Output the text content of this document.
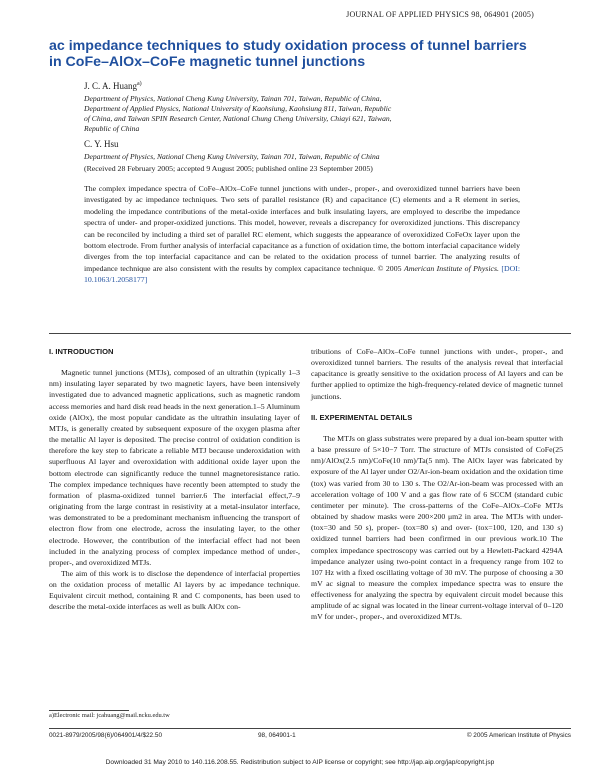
JOURNAL OF APPLIED PHYSICS 98, 064901 (2005)
ac impedance techniques to study oxidation process of tunnel barriers
in CoFe–AlOx–CoFe magnetic tunnel junctions
J. C. A. Huang$^{a)}$
Department of Physics, National Cheng Kung University, Tainan 701, Taiwan, Republic of China,
Department of Applied Physics, National University of Kaohsiung, Kaohsiung 811, Taiwan, Republic
of China, and Taiwan SPIN Research Center, National Chung Cheng University, Chiayi 621, Taiwan,
Republic of China
C. Y. Hsu
Department of Physics, National Cheng Kung University, Tainan 701, Taiwan, Republic of China
(Received 28 February 2005; accepted 9 August 2005; published online 23 September 2005)
The complex impedance spectra of CoFe–AlOx–CoFe tunnel junctions with under-, proper-, and overoxidized tunnel barriers have been investigated by ac impedance techniques. Two sets of parallel resistance (R) and capacitance (C) elements and a R element in series, modeling the impedance contributions of the metal-oxide interfaces and bulk insulating layers, are employed to describe the impedance spectra of under- and proper-oxidized junctions. This model, however, reveals a discrepancy for overoxidized junctions. This discrepancy can be reconciled by including a third set of parallel RC element, which suggests the appearance of overoxidized CoFeOx layer upon the bottom electrode. From further analysis of interfacial capacitance as a function of oxidation time, the bottom interfacial capacitance widely diverges from the top interfacial capacitance and can be related to the oxidation process of tunnel barrier. The analyzing results of impedance technique are also consistent with the results by complex capacitance technique. © 2005 American Institute of Physics. [DOI: 10.1063/1.2058177]
I. INTRODUCTION

Magnetic tunnel junctions (MTJs), composed of an ultrathin (typically 1–3 nm) insulating layer separated by two magnetic layers, have been intensively investigated due to advanced magnetic applications, such as magnetic random access memories and hard disk read heads in the next generation.1–5 Aluminum oxide (AlOx), the most popular candidate as the ultrathin insulating layer of MTJs, is generally created by subsequent exposure of the oxygen plasma after the metallic Al layer is deposited. The precise control of oxidation condition is therefore the key step to fabricate a reliable MTJ because underoxidation with superfluous Al layer and overoxidation with additional oxide layer upon the bottom electrode can significantly reduce the tunnel magnetoresistance ratio. The complex impedance techniques have recently been attempted to study the formation of plasma-oxidized tunnel barrier.6 The interfacial effect,7–9 originating from the large contrast in resistivity at a metal-insulator interface, was demonstrated to be a predominant mechanism influencing the transport of electron flow from one electrode, across the insulating layer, to the other electrode. However, the contribution of the interfacial effect had not been included in the analyzing process of complex impedance method of under-, proper-, and overoxidized MTJs.

The aim of this work is to disclose the dependence of interfacial properties on the oxidation process of metallic Al layers by ac impedance technique. Equivalent circuit method, containing R and C components, has been used to describe the metal-oxide interfaces as well as bulk AlOx con-

a)Electronic mail: jcahuang@mail.ncku.edu.tw

tributions of CoFe–AlOx–CoFe tunnel junctions with under-, proper-, and overoxidized tunnel barriers. The results of the analysis reveal that interfacial capacitance is greatly sensitive to the oxidation process of Al layers and can be further applied to optimize the high-frequency-related device of magnetic tunnel junctions.

II. EXPERIMENTAL DETAILS

The MTJs on glass substrates were prepared by a dual ion-beam sputter with a base pressure of 5×10−7 Torr. The structure of MTJs consisted of CoFe(25 nm)/AlOx(2.5 nm)/CoFe(10 nm)/Ta(5 nm). The AlOx layer was fabricated by exposure of the Al layer under O2/Ar-ion-beam oxidation and the oxidation time (tox) was varied from 30 to 130 s. The O2/Ar-ion-beam was processed with an acceleration voltage of 100 V and a gas flow rate of 6 SCCM (standard cubic centimeter per minute). The cross-patterns of the CoFe–AlOx–CoFe MTJs obtained by shadow masks were 200×200 μm2 in area. The MTJs with under-(tox=30 and 50 s), proper- (tox=80 s) and over- (tox=100, 120, and 130 s) oxidized tunnel barriers had been confirmed in our previous work.10 The complex impedance spectroscopy was carried out by a Hewlett-Packard 4294A impedance analyzer using two-point contact in a frequency range from 102 to 107 Hz with a fixed oscillating voltage of 30 mV. The purpose of choosing a 30 mV ac signal to measure the complex impedance spectra was to ensure the effectiveness for analyzing the spectra by equivalent circuit model because this amplitude of ac signal was located in the linear current-voltage interval of 0–120 mV for under-, proper-, and overoxidized MTJs.

0021-8979/2005/98(6)/064901/4/$22.50	98, 064901-1	© 2005 American Institute of Physics
Downloaded 31 May 2010 to 140.116.208.55. Redistribution subject to AIP license or copyright; see http://jap.aip.org/jap/copyright.jsp
